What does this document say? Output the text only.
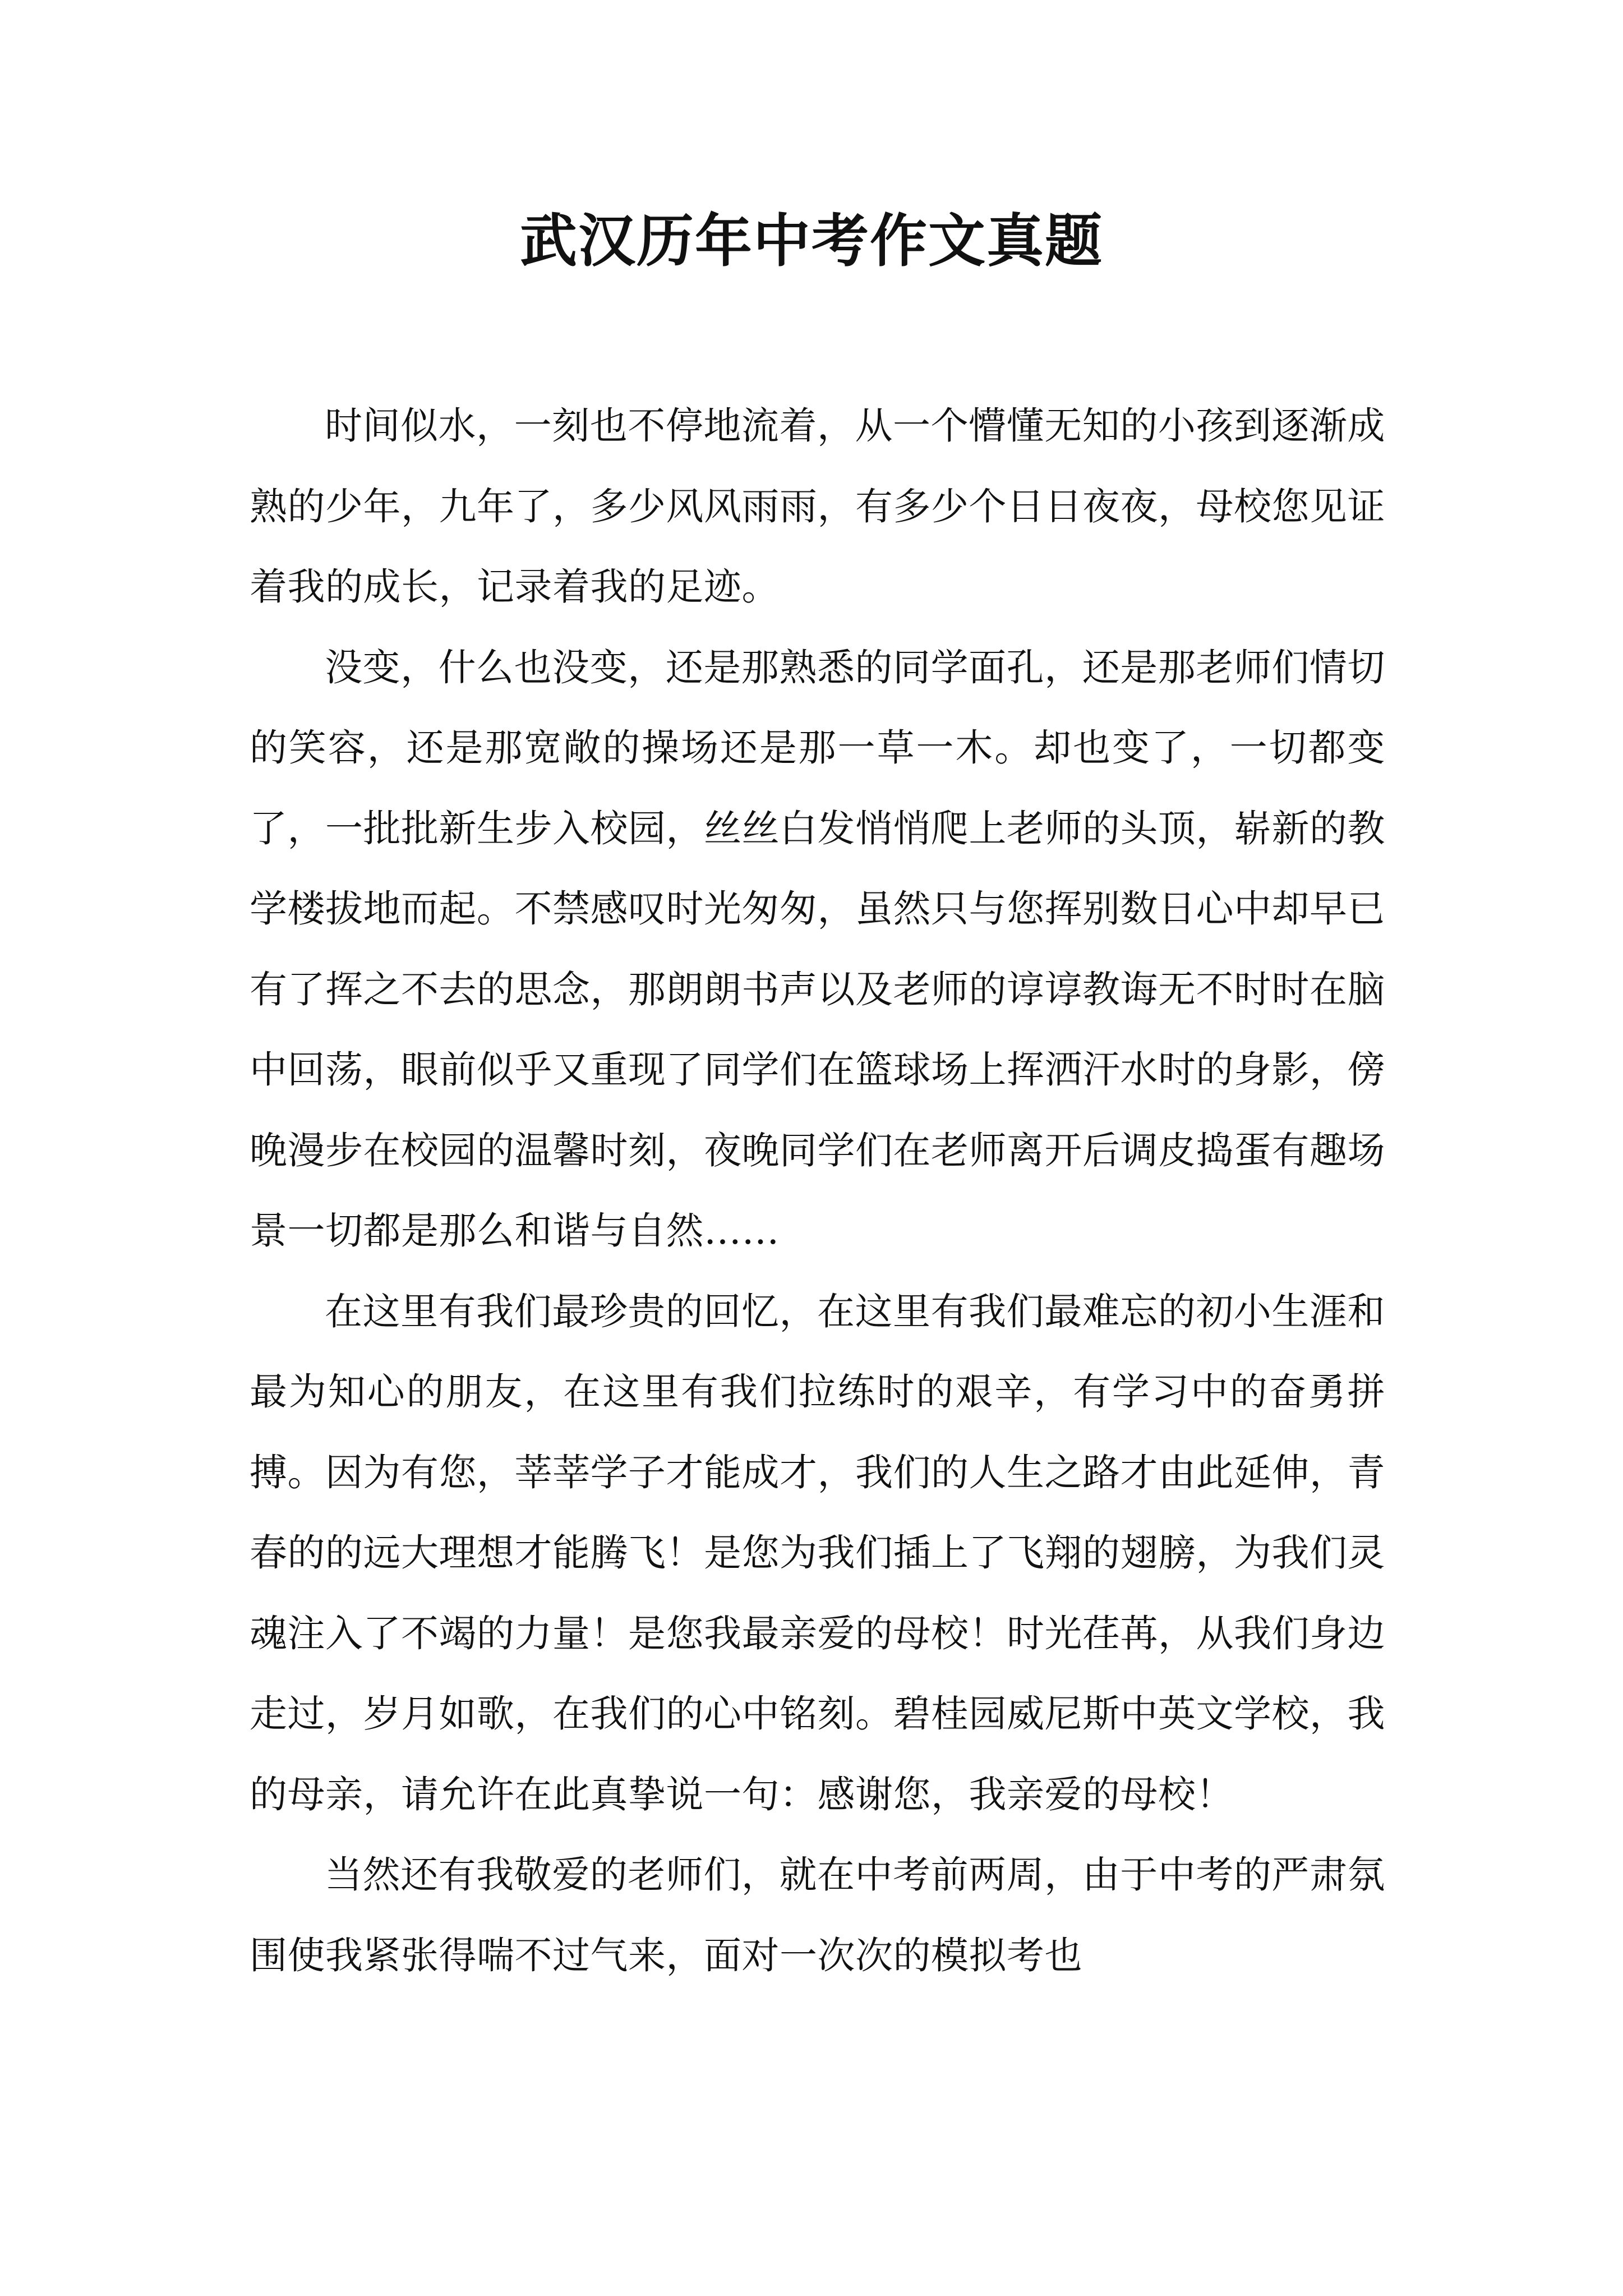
武汉历年中考作文真题

时间似水，一刻也不停地流着，从一个懵懂无知的小孩到逐渐成熟的少年，九年了，多少风风雨雨，有多少个日日夜夜，母校您见证着我的成长，记录着我的足迹。

没变，什么也没变，还是那熟悉的同学面孔，还是那老师们情切的笑容，还是那宽敞的操场还是那一草一木。却也变了，一切都变了，一批批新生步入校园，丝丝白发悄悄爬上老师的头顶，崭新的教学楼拔地而起。不禁感叹时光匆匆，虽然只与您挥别数日心中却早已有了挥之不去的思念，那朗朗书声以及老师的谆谆教诲无不时时在脑中回荡，眼前似乎又重现了同学们在篮球场上挥洒汗水时的身影，傍晚漫步在校园的温馨时刻，夜晚同学们在老师离开后调皮捣蛋有趣场景一切都是那么和谐与自然……

在这里有我们最珍贵的回忆，在这里有我们最难忘的初小生涯和最为知心的朋友，在这里有我们拉练时的艰辛，有学习中的奋勇拼搏。因为有您，莘莘学子才能成才，我们的人生之路才由此延伸，青春的的远大理想才能腾飞！是您为我们插上了飞翔的翅膀，为我们灵魂注入了不竭的力量！是您我最亲爱的母校！时光荏苒，从我们身边走过，岁月如歌，在我们的心中铭刻。碧桂园威尼斯中英文学校，我的母亲，请允许在此真挚说一句：感谢您，我亲爱的母校！

当然还有我敬爱的老师们，就在中考前两周，由于中考的严肃氛围使我紧张得喘不过气来，面对一次次的模拟考也
